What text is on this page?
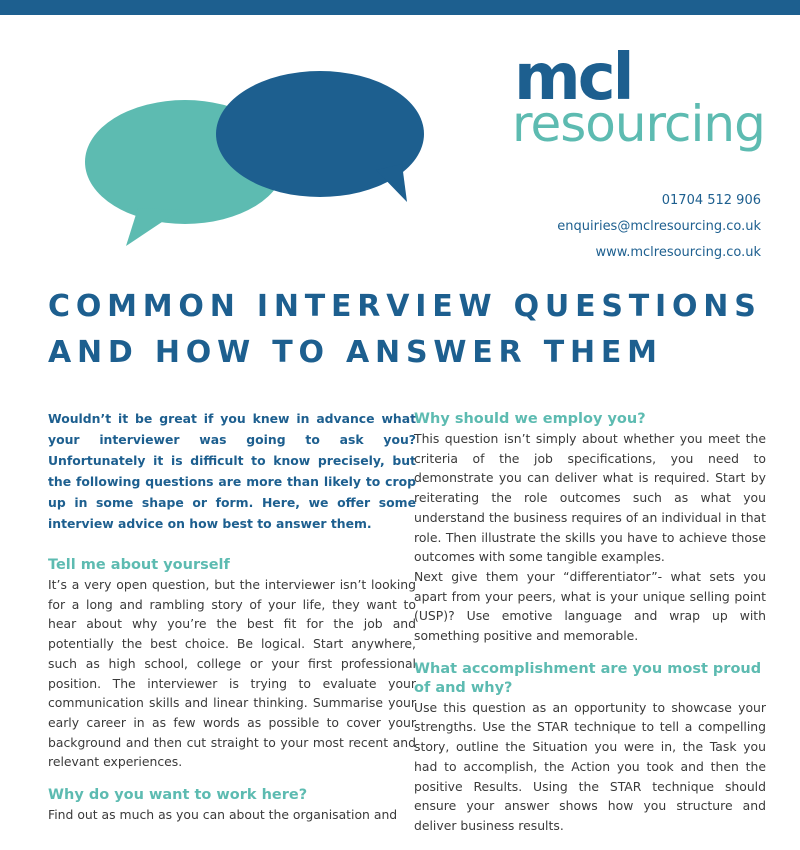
mcl
resourcing
01704 512 906
enquiries@mclresourcing.co.uk
www.mclresourcing.co.uk
COMMON INTERVIEW QUESTIONS
AND HOW TO ANSWER THEM

Wouldn’t it be great if you knew in advance what your interviewer was going to ask you? Unfortunately it is difficult to know precisely, but the following questions are more than likely to crop up in some shape or form. Here, we offer some interview advice on how best to answer them.

Tell me about yourself

It’s a very open question, but the interviewer isn’t looking for a long and rambling story of your life, they want to hear about why you’re the best fit for the job and potentially the best choice. Be logical. Start anywhere, such as high school, college or your first professional position. The interviewer is trying to evaluate your communication skills and linear thinking. Summarise your early career in as few words as possible to cover your background and then cut straight to your most recent and relevant experiences.

Why do you want to work here?

Find out as much as you can about the organisation and

Why should we employ you?

This question isn’t simply about whether you meet the criteria of the job specifications, you need to demonstrate you can deliver what is required. Start by reiterating the role outcomes such as what you understand the business requires of an individual in that role. Then illustrate the skills you have to achieve those outcomes with some tangible examples.

Next give them your “differentiator”- what sets you apart from your peers, what is your unique selling point (USP)? Use emotive language and wrap up with something positive and memorable.

What accomplishment are you most proud of and why?

Use this question as an opportunity to showcase your strengths. Use the STAR technique to tell a compelling story, outline the Situation you were in, the Task you had to accomplish, the Action you took and then the positive Results. Using the STAR technique should ensure your answer shows how you structure and deliver business results.
